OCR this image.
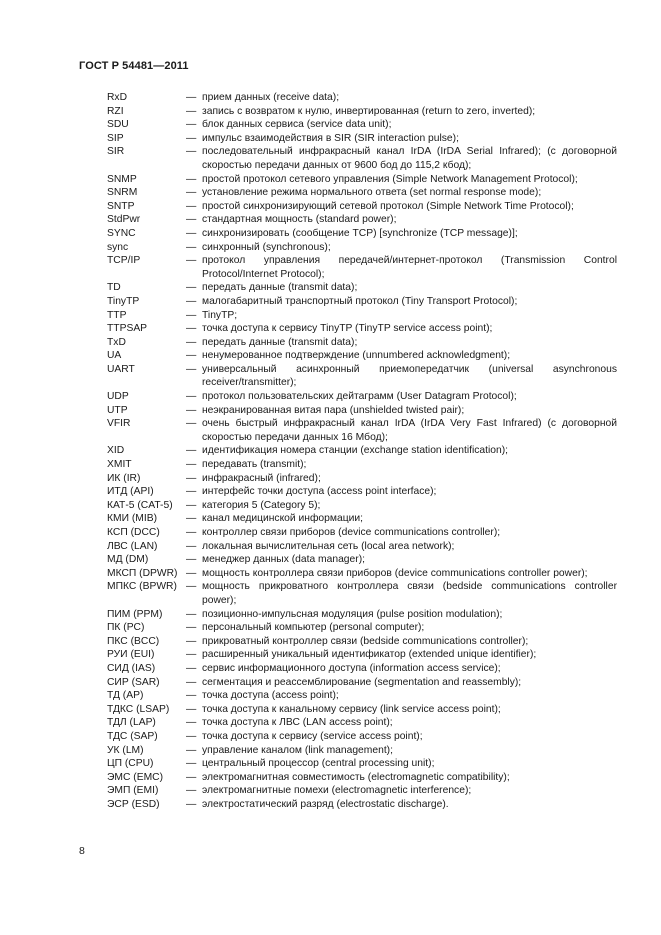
ГОСТ Р 54481—2011
RxD	— прием данных (receive data);
RZI	— запись с возвратом к нулю, инвертированная (return to zero, inverted);
SDU	— блок данных сервиса (service data unit);
SIP	— импульс взаимодействия в SIR (SIR interaction pulse);
SIR	— последовательный инфракрасный канал IrDA (IrDA Serial Infrared); (с договорной скоростью передачи данных от 9600 бод до 115,2 кбод);
SNMP	— простой протокол сетевого управления (Simple Network Management Protocol);
SNRM	— установление режима нормального ответа (set normal response mode);
SNTP	— простой синхронизирующий сетевой протокол (Simple Network Time Protocol);
StdPwr	— стандартная мощность (standard power);
SYNC	— синхронизировать (сообщение TCP) [synchronize (TCP message)];
sync	— синхронный (synchronous);
TCP/IP	— протокол управления передачей/интернет-протокол (Transmission Control Protocol/Internet Protocol);
TD	— передать данные (transmit data);
TinyTP	— малогабаритный транспортный протокол (Tiny Transport Protocol);
TTP	— TinyTP;
TTPSAP	— точка доступа к сервису TinyTP (TinyTP service access point);
TxD	— передать данные (transmit data);
UA	— ненумерованное подтверждение (unnumbered acknowledgment);
UART	— универсальный асинхронный приемопередатчик (universal asynchronous receiver/transmitter);
UDP	— протокол пользовательских дейтаграмм (User Datagram Protocol);
UTP	— неэкранированная витая пара (unshielded twisted pair);
VFIR	— очень быстрый инфракрасный канал IrDA (IrDA Very Fast Infrared) (с договорной скоростью передачи данных 16 Мбод);
XID	— идентификация номера станции (exchange station identification);
XMIT	— передавать (transmit);
ИК (IR)	— инфракрасный (infrared);
ИТД (API)	— интерфейс точки доступа (access point interface);
КАТ-5 (CAT-5)	— категория 5 (Category 5);
КМИ (MIB)	— канал медицинской информации;
КСП (DCC)	— контроллер связи приборов (device communications controller);
ЛВС (LAN)	— локальная вычислительная сеть (local area network);
МД (DM)	— менеджер данных (data manager);
МКСП (DPWR) — мощность контроллера связи приборов (device communications controller power);
МПКС (BPWR) — мощность прикроватного контроллера связи (bedside communications controller power);
ПИМ (PPM)	— позиционно-импульсная модуляция (pulse position modulation);
ПК (PC)	— персональный компьютер (personal computer);
ПКС (BCC)	— прикроватный контроллер связи (bedside communications controller);
РУИ (EUI)	— расширенный уникальный идентификатор (extended unique identifier);
СИД (IAS)	— сервис информационного доступа (information access service);
СИР (SAR)	— сегментация и реассемблирование (segmentation and reassembly);
ТД (AP)	— точка доступа (access point);
ТДКС (LSAP)	— точка доступа к канальному сервису (link service access point);
ТДЛ (LAP)	— точка доступа к ЛВС (LAN access point);
ТДС (SAP)	— точка доступа к сервису (service access point);
УК (LM)	— управление каналом (link management);
ЦП (CPU)	— центральный процессор (central processing unit);
ЭМС (EMC)	— электромагнитная совместимость (electromagnetic compatibility);
ЭМП (EMI)	— электромагнитные помехи (electromagnetic interference);
ЭСР (ESD)	— электростатический разряд (electrostatic discharge).
8
